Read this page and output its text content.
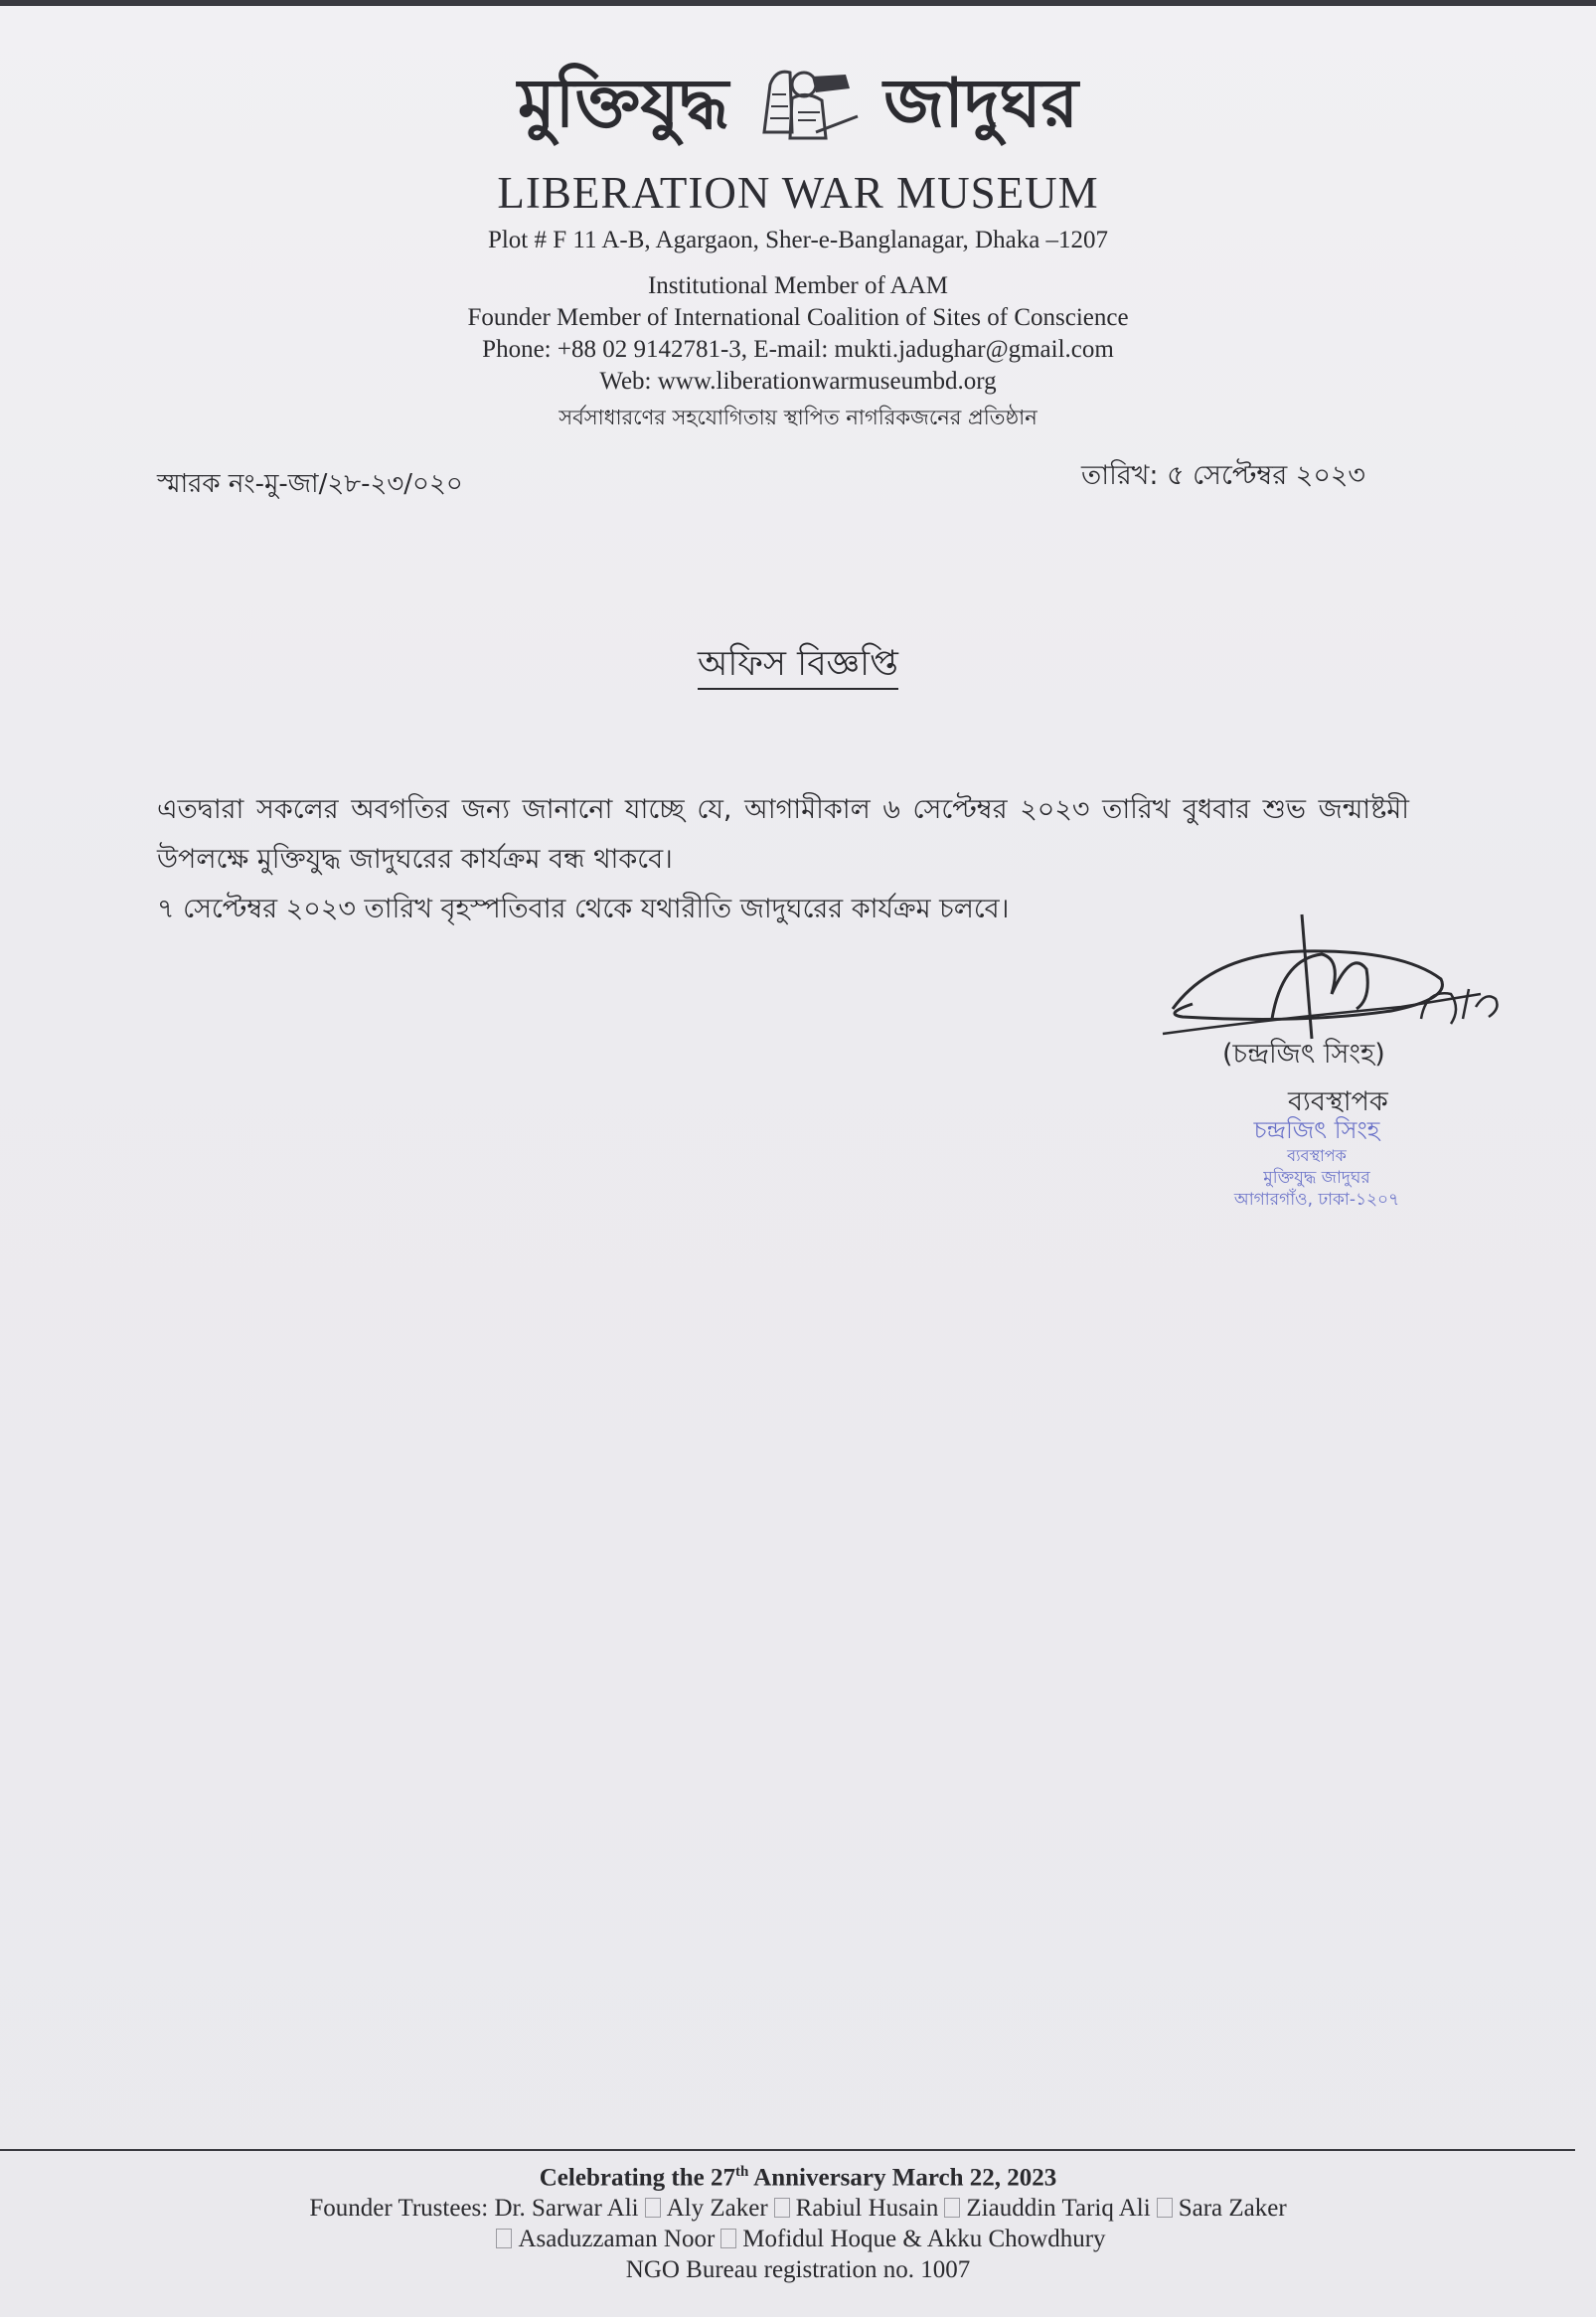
মুক্তিযুদ্ধ জাদুঘর
LIBERATION WAR MUSEUM
Plot # F 11 A-B, Agargaon, Sher-e-Banglanagar, Dhaka –1207
Institutional Member of AAM
Founder Member of International Coalition of Sites of Conscience
Phone: +88 02 9142781-3, E-mail: mukti.jadughar@gmail.com
Web: www.liberationwarmuseumbd.org
সর্বসাধারণের সহযোগিতায় স্থাপিত নাগরিকজনের প্রতিষ্ঠান
স্মারক নং-মু-জা/২৮-২৩/০২০	তারিখ: ৫ সেপ্টেম্বর ২০২৩
অফিস বিজ্ঞপ্তি

এতদ্বারা সকলের অবগতির জন্য জানানো যাচ্ছে যে, আগামীকাল ৬ সেপ্টেম্বর ২০২৩ তারিখ বুধবার শুভ জন্মাষ্টমী উপলক্ষে মুক্তিযুদ্ধ জাদুঘরের কার্যক্রম বন্ধ থাকবে।

৭ সেপ্টেম্বর ২০২৩ তারিখ বৃহস্পতিবার থেকে যথারীতি জাদুঘরের কার্যক্রম চলবে।

(চন্দ্রজিৎ সিংহ)
ব্যবস্থাপক
চন্দ্রজিৎ সিংহ
ব্যবস্থাপক
মুক্তিযুদ্ধ জাদুঘর
আগারগাঁও, ঢাকা-১২০৭
Celebrating the 27th Anniversary March 22, 2023
Founder Trustees: Dr. Sarwar Ali Aly Zaker Rabiul Husain Ziauddin Tariq Ali Sara Zaker
Asaduzzaman Noor Mofidul Hoque & Akku Chowdhury
NGO Bureau registration no. 1007
